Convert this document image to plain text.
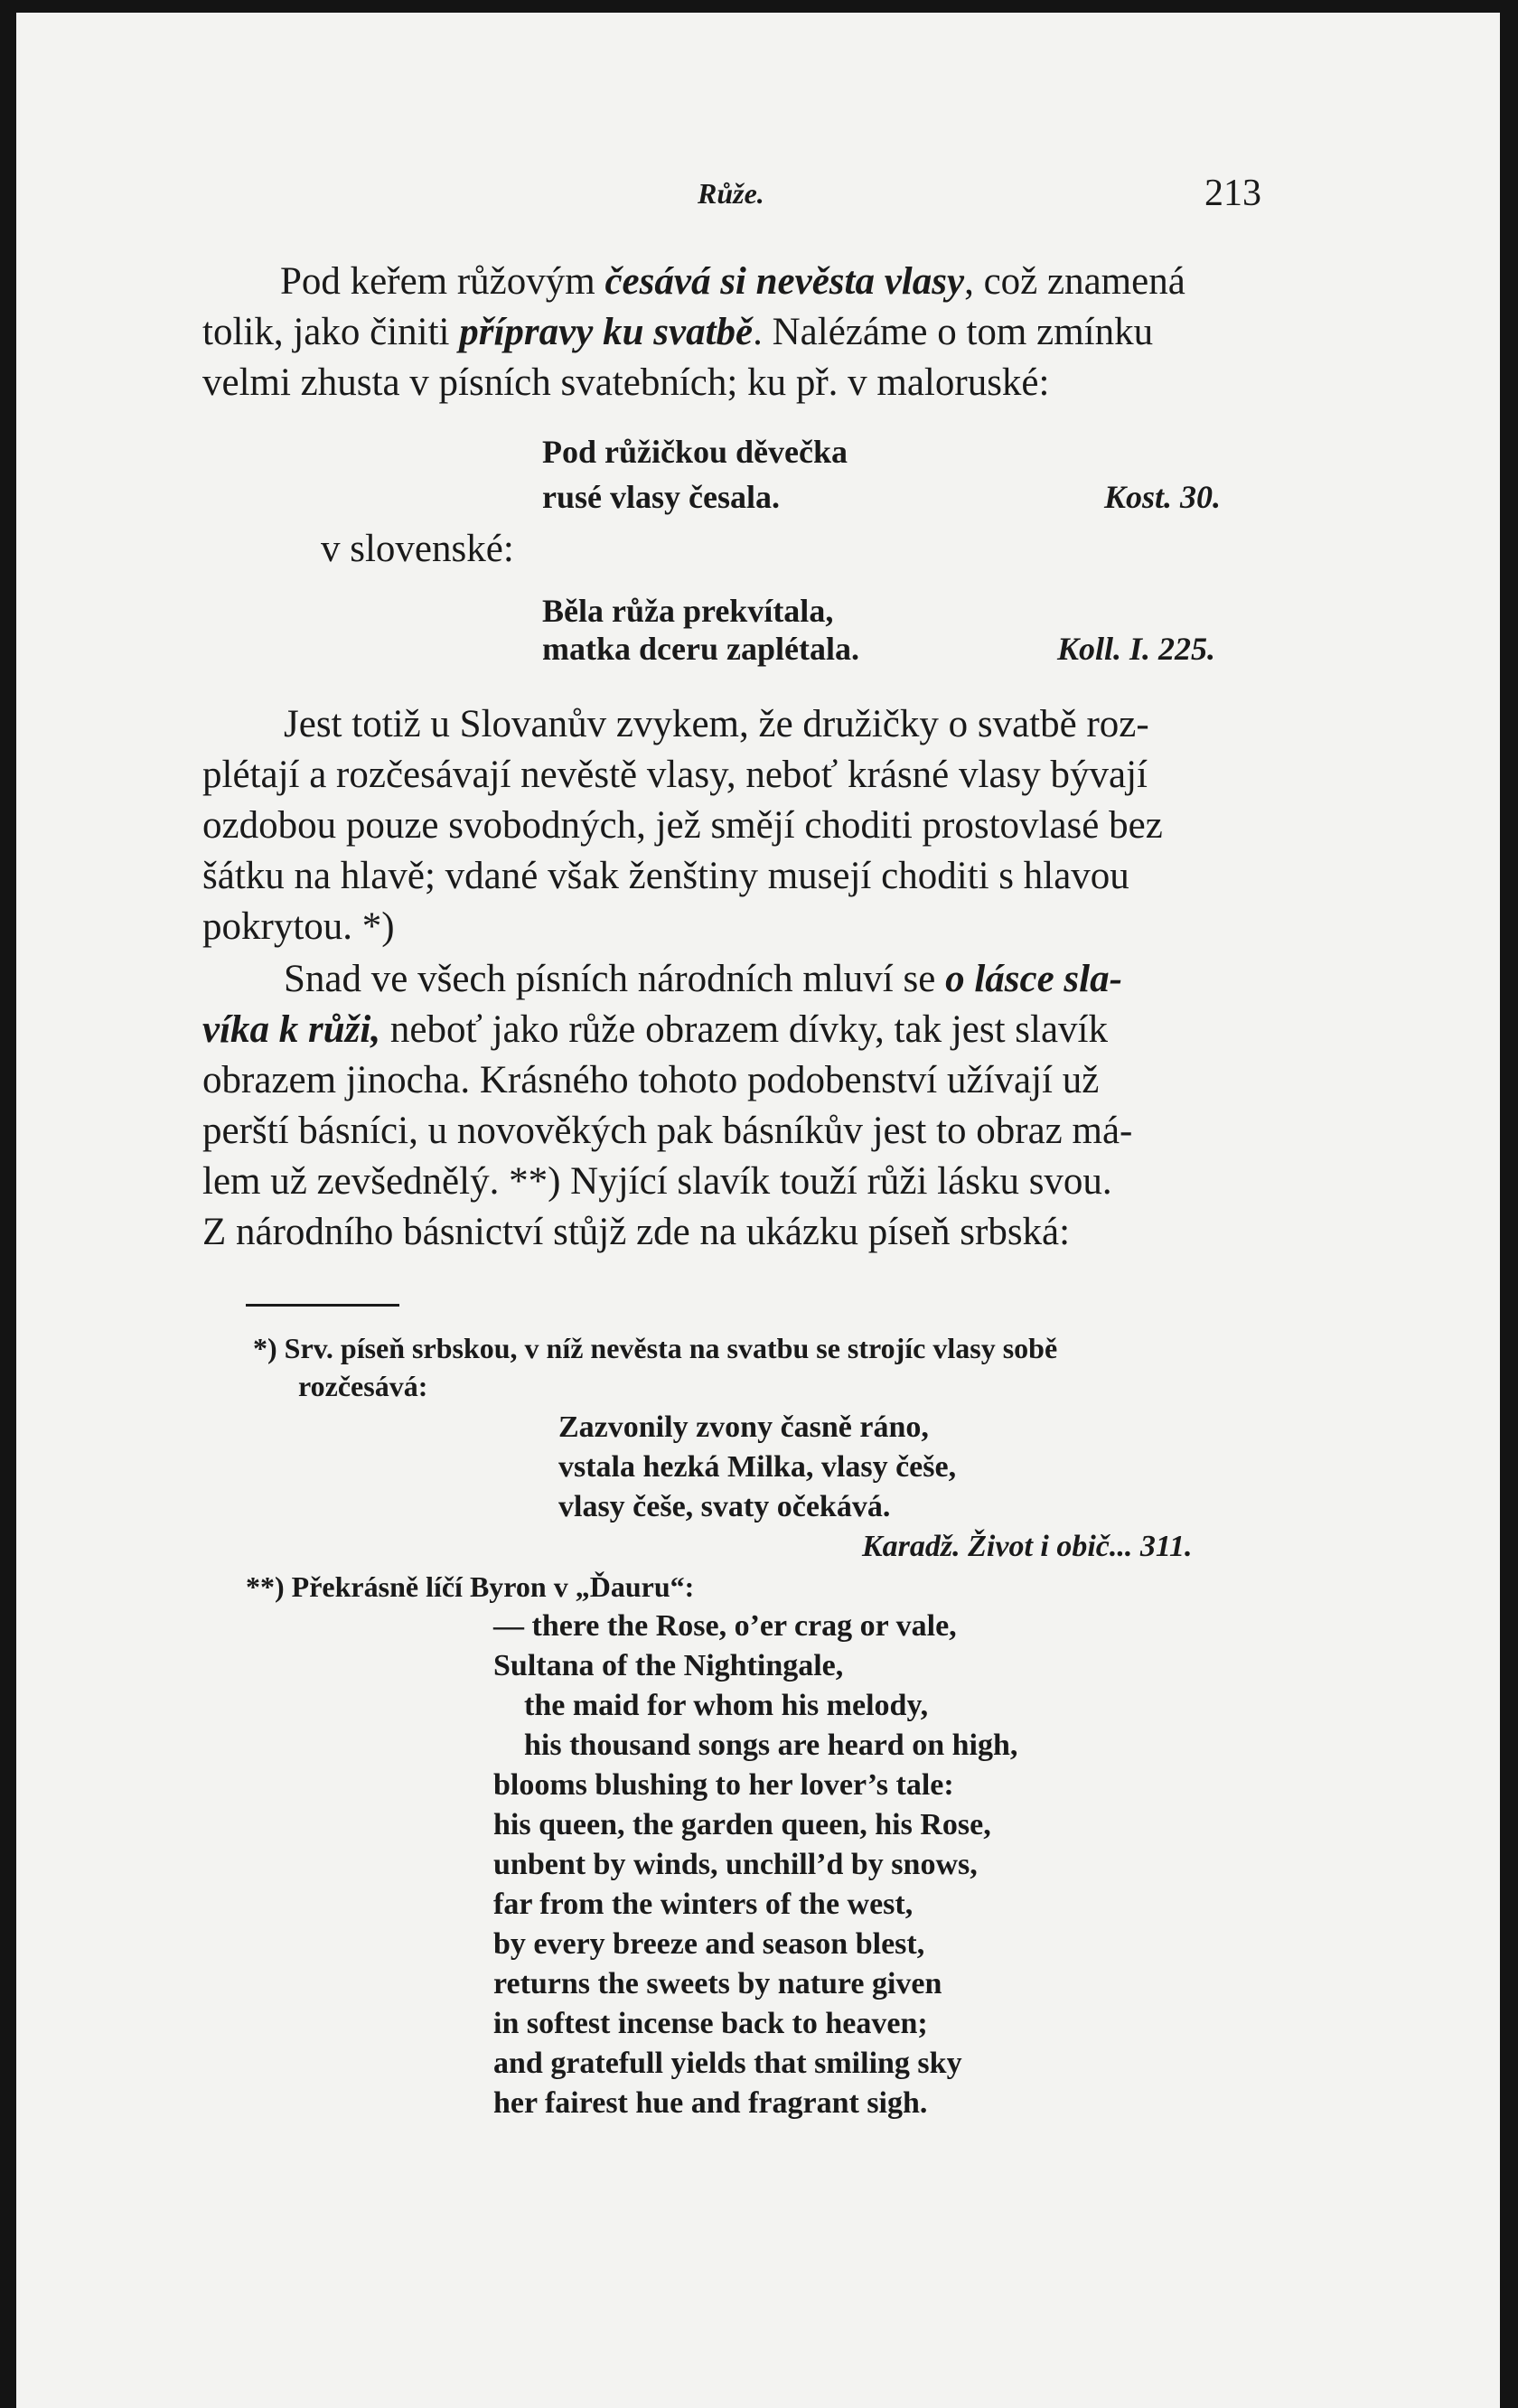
Růže.	213
Pod keřem růžovým česává si nevěsta vlasy, což znamená
tolik, jako činiti přípravy ku svatbě. Nalézáme o tom zmínku
velmi zhusta v písních svatebních; ku př. v maloruské:
Pod růžičkou děvečka
rusé vlasy česala.	Kost. 30.
v slovenské:
Běla růža prekvítala,
matka dceru zaplétala.	Koll. I. 225.
Jest totiž u Slovanův zvykem, že družičky o svatbě roz-
plétají a rozčesávají nevěstě vlasy, neboť krásné vlasy bývají
ozdobou pouze svobodných, jež smějí choditi prostovlasé bez
šátku na hlavě; vdané však ženštiny musejí choditi s hlavou
pokrytou. *)
Snad ve všech písních národních mluví se o lásce sla-
víka k růži, neboť jako růže obrazem dívky, tak jest slavík
obrazem jinocha. Krásného tohoto podobenství užívají už
perští básníci, u novověkých pak básníkův jest to obraz má-
lem už zevšednělý. **) Nyjící slavík touží růži lásku svou.
Z národního básnictví stůjž zde na ukázku píseň srbská:
*) Srv. píseň srbskou, v níž nevěsta na svatbu se strojíc vlasy sobě
rozčesává:
Zazvonily zvony časně ráno,
vstala hezká Milka, vlasy češe,
vlasy češe, svaty očekává.
Karadž. Život i obič... 311.
**) Překrásně líčí Byron v „Ďauru“:
— there the Rose, o’er crag or vale,
Sultana of the Nightingale,
the maid for whom his melody,
his thousand songs are heard on high,
blooms blushing to her lover’s tale:
his queen, the garden queen, his Rose,
unbent by winds, unchill’d by snows,
far from the winters of the west,
by every breeze and season blest,
returns the sweets by nature given
in softest incense back to heaven;
and gratefull yields that smiling sky
her fairest hue and fragrant sigh.
